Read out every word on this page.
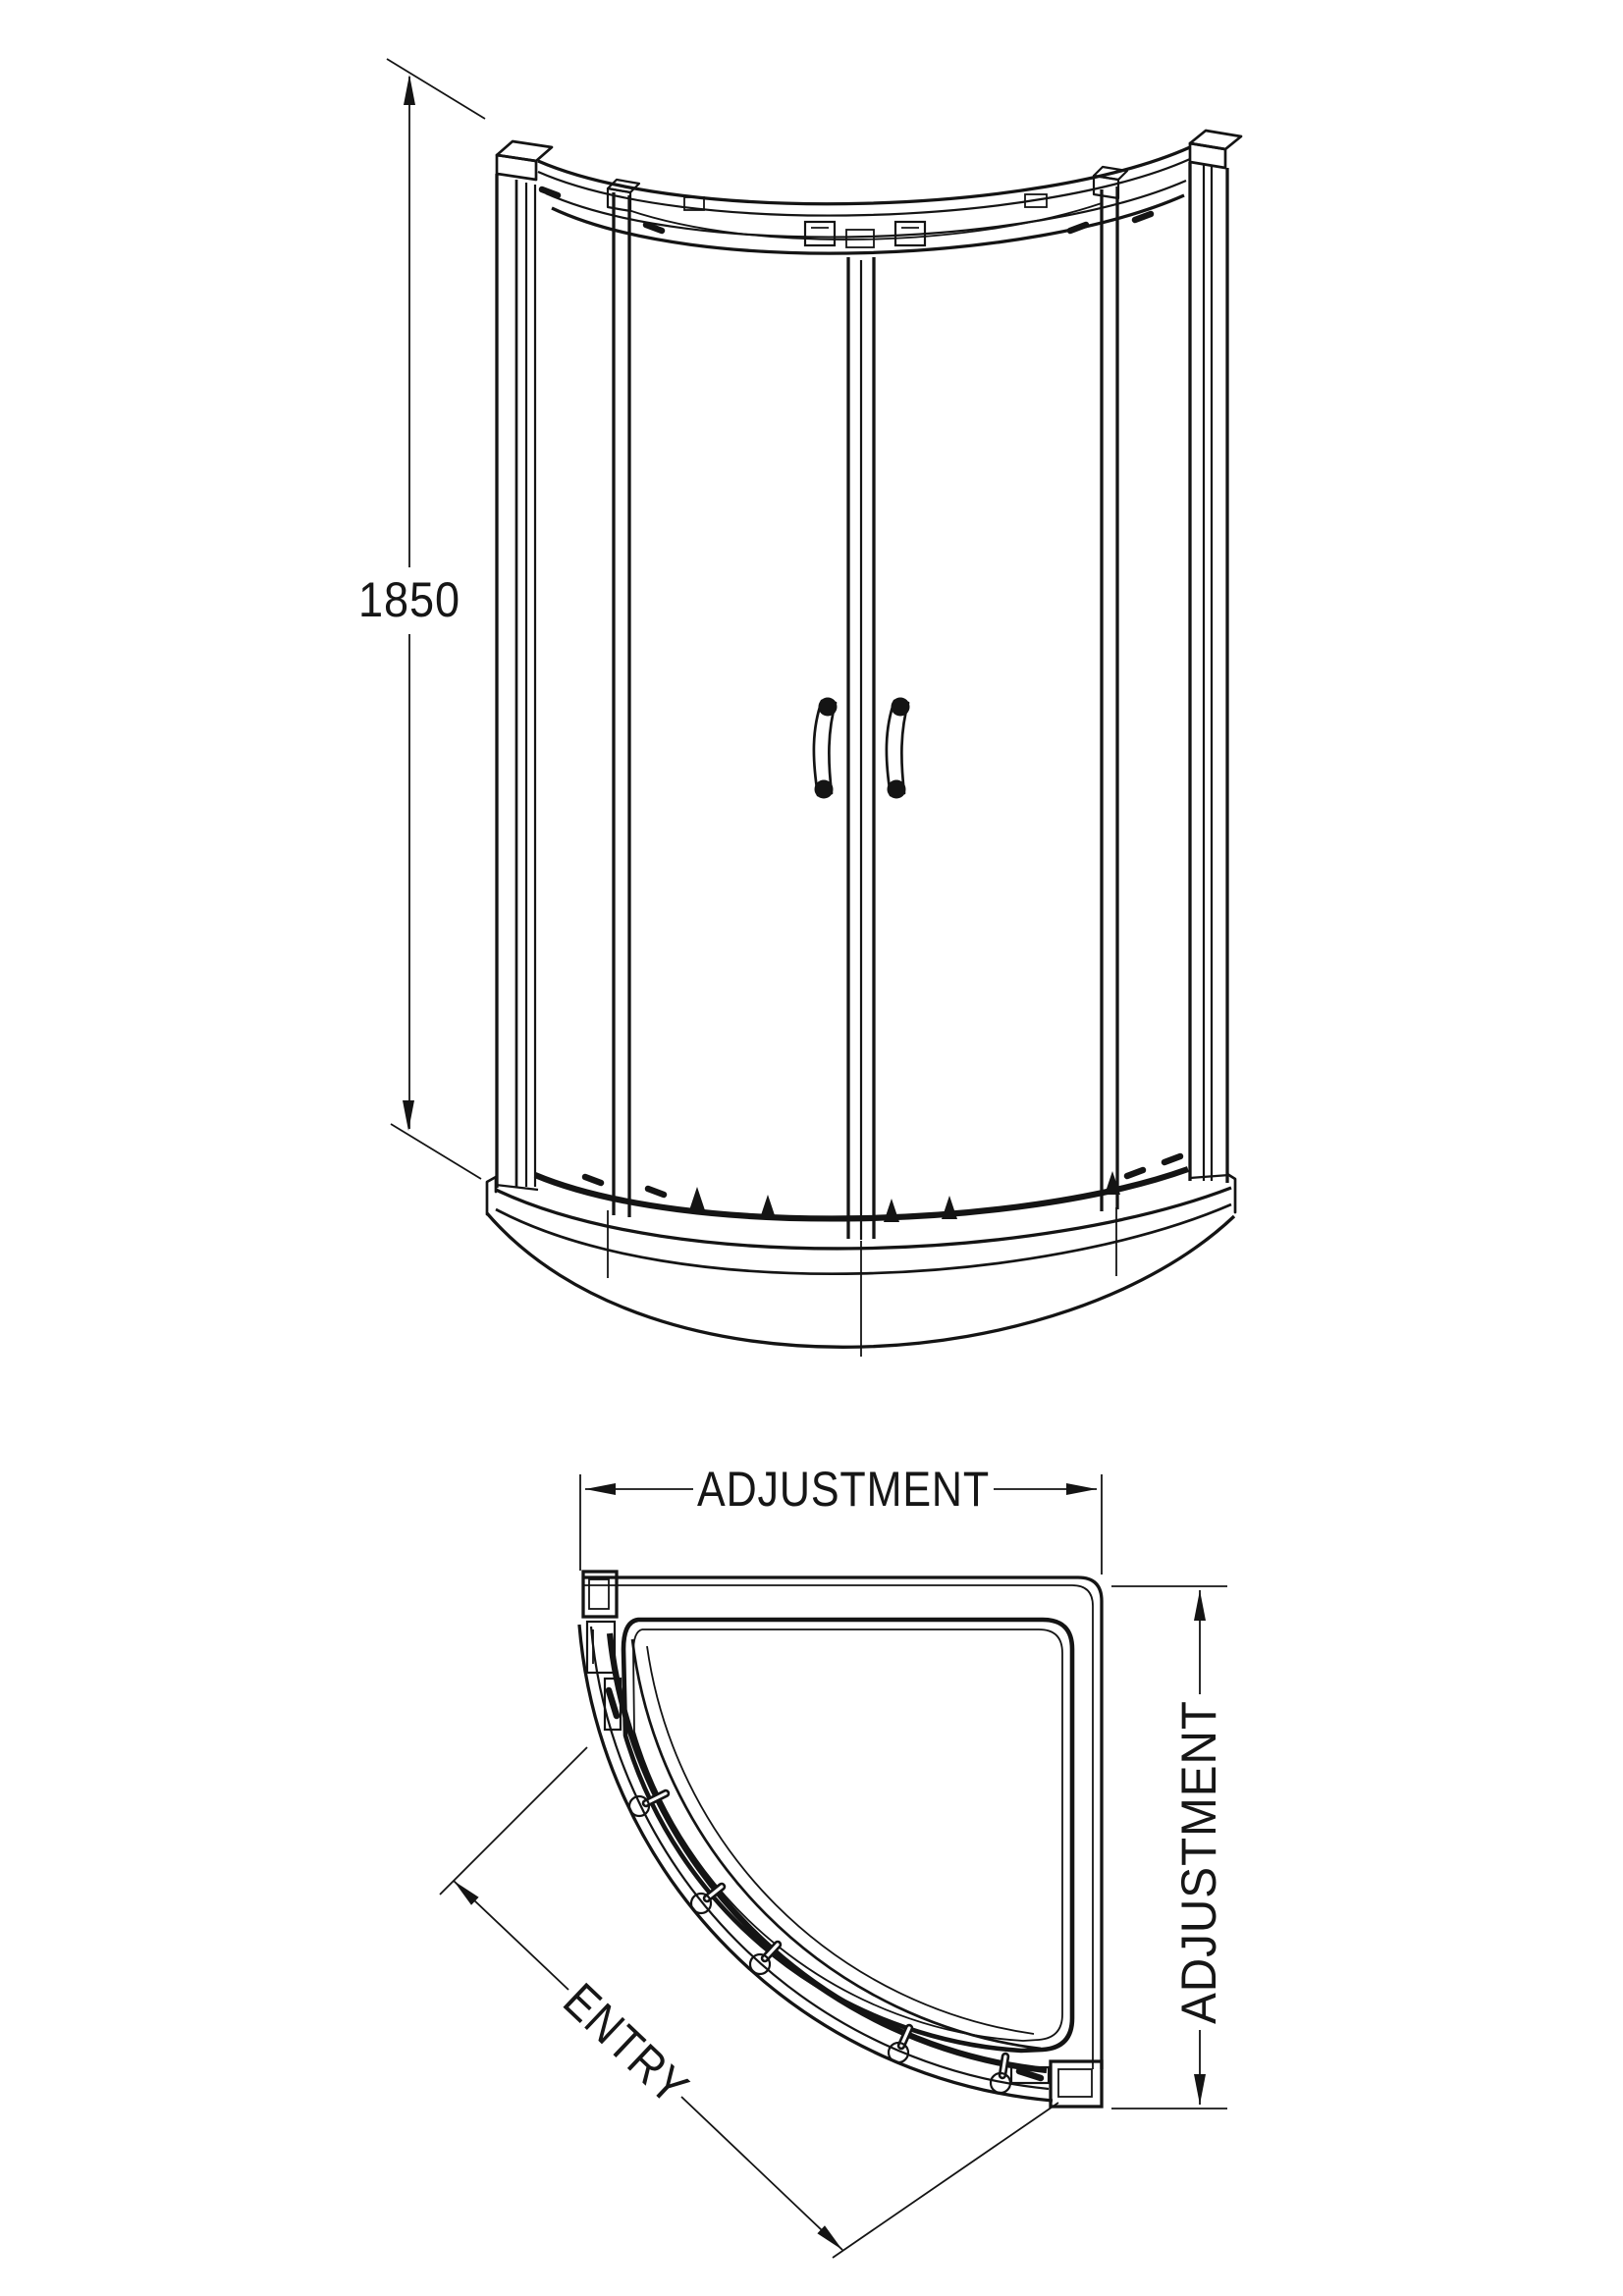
1850
ADJUSTMENT
ADJUSTMENT
ENTRY
